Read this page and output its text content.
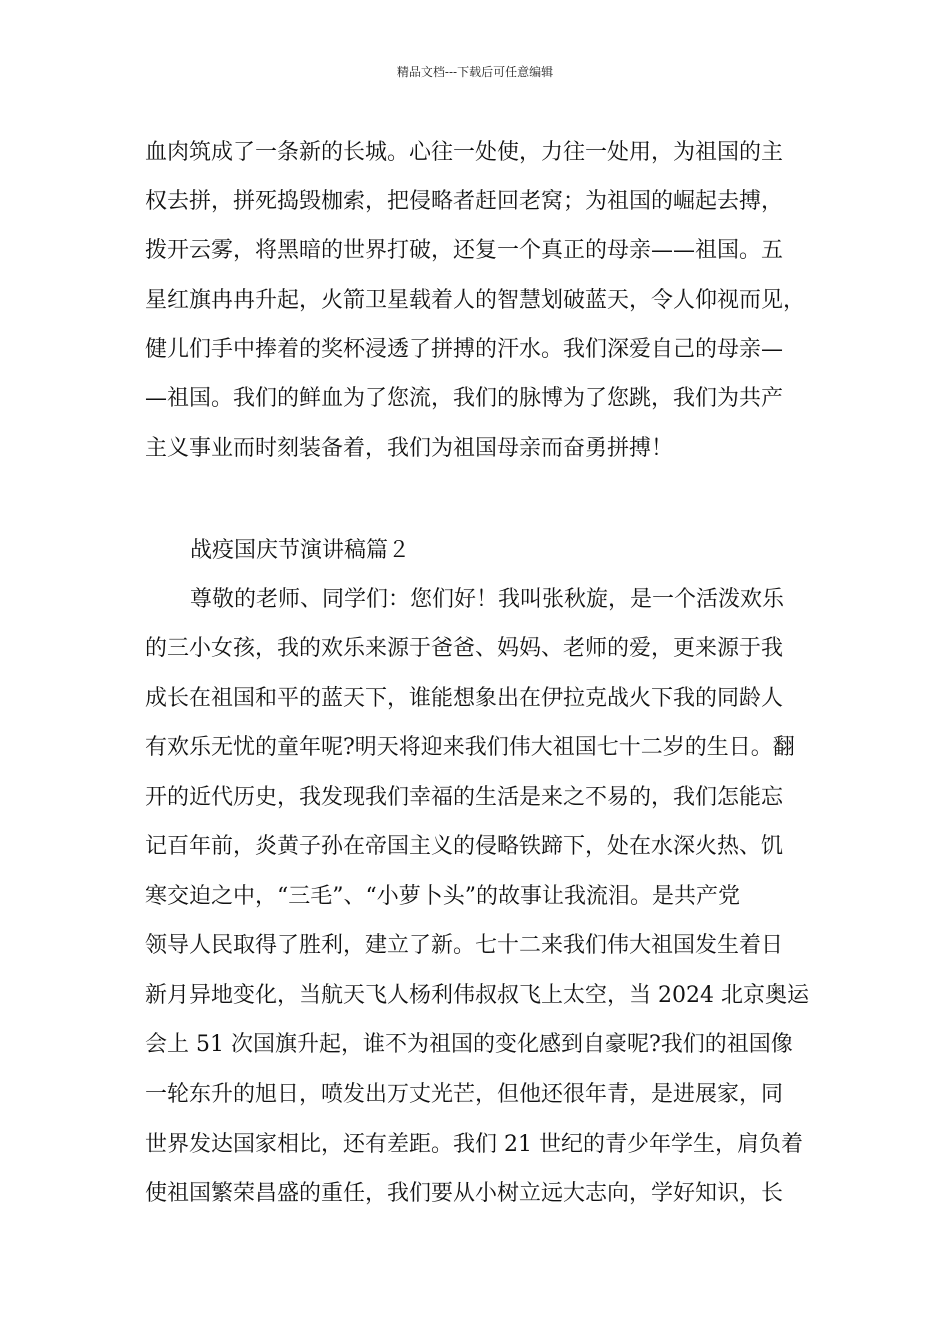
精品文档---下载后可任意编辑
血肉筑成了一条新的长城。心往一处使，力往一处用，为祖国的主
权去拼，拼死捣毁枷索，把侵略者赶回老窝；为祖国的崛起去搏，
拨开云雾，将黑暗的世界打破，还复一个真正的母亲——祖国。五
星红旗冉冉升起，火箭卫星载着人的智慧划破蓝天，令人仰视而见，
健儿们手中捧着的奖杯浸透了拼搏的汗水。我们深爱自己的母亲—
—祖国。我们的鲜血为了您流，我们的脉博为了您跳，我们为共产
主义事业而时刻装备着，我们为祖国母亲而奋勇拼搏！
战疫国庆节演讲稿篇２
尊敬的老师、同学们：您们好！我叫张秋旋，是一个活泼欢乐
的三小女孩，我的欢乐来源于爸爸、妈妈、老师的爱，更来源于我
成长在祖国和平的蓝天下，谁能想象出在伊拉克战火下我的同龄人
有欢乐无忧的童年呢?明天将迎来我们伟大祖国七十二岁的生日。翻
开的近代历史，我发现我们幸福的生活是来之不易的，我们怎能忘
记百年前，炎黄子孙在帝国主义的侵略铁蹄下，处在水深火热、饥
寒交迫之中，“三毛”、“小萝卜头”的故事让我流泪。是共产党
领导人民取得了胜利，建立了新。七十二来我们伟大祖国发生着日
新月异地变化，当航天飞人杨利伟叔叔飞上太空，当 2024 北京奥运
会上 51 次国旗升起，谁不为祖国的变化感到自豪呢?我们的祖国像
一轮东升的旭日，喷发出万丈光芒，但他还很年青，是进展家，同
世界发达国家相比，还有差距。我们 21 世纪的青少年学生，肩负着
使祖国繁荣昌盛的重任，我们要从小树立远大志向，学好知识，长
